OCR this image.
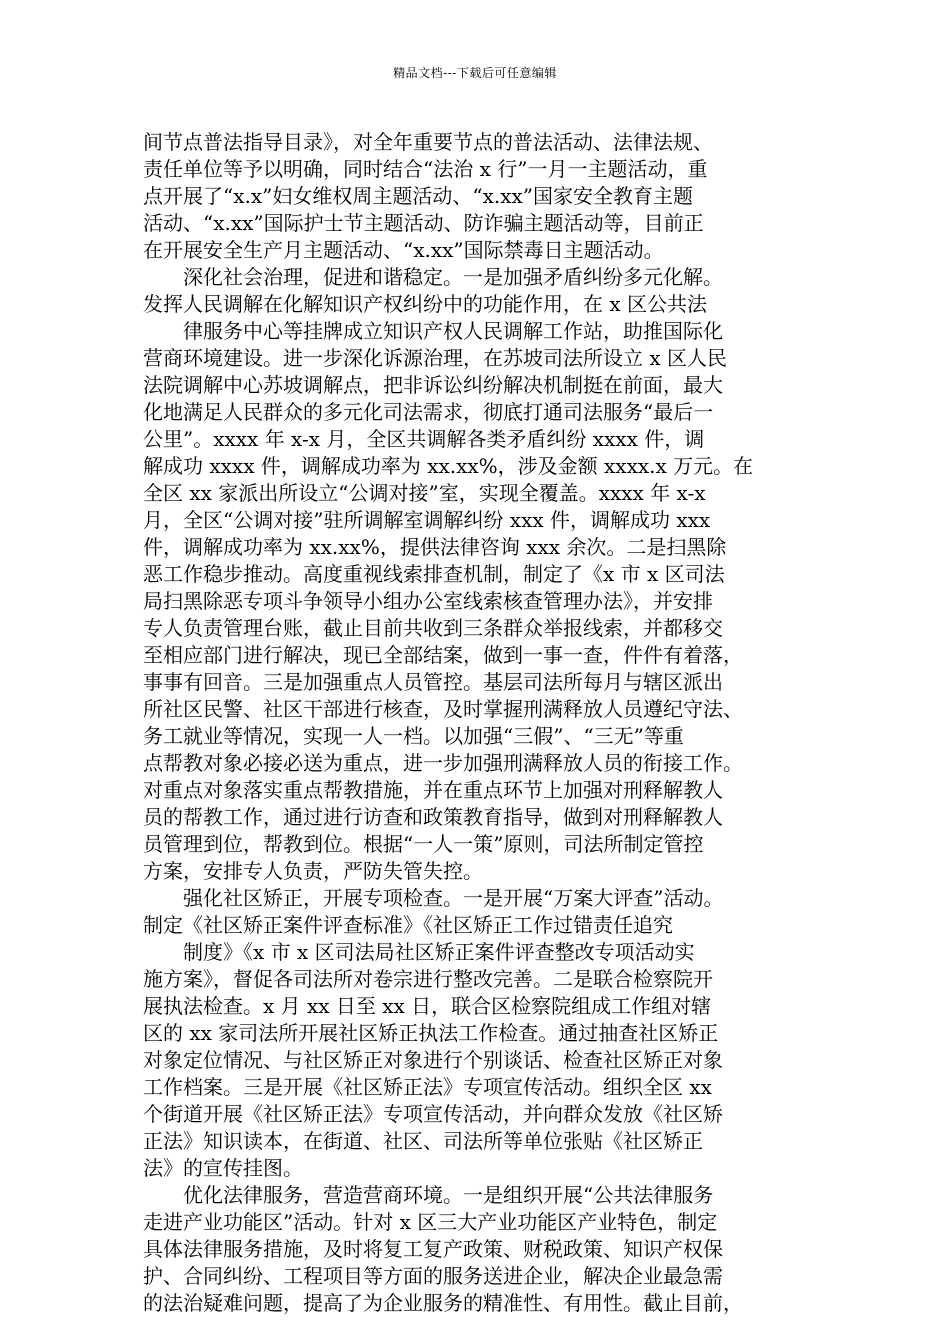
精品文档---下载后可任意编辑
间节点普法指导目录》，对全年重要节点的普法活动、法律法规、
责任单位等予以明确，同时结合“法治 x 行”一月一主题活动，重
点开展了“x.x”妇女维权周主题活动、“x.xx”国家安全教育主题
活动、“x.xx”国际护士节主题活动、防诈骗主题活动等，目前正
在开展安全生产月主题活动、“x.xx”国际禁毒日主题活动。
深化社会治理，促进和谐稳定。一是加强矛盾纠纷多元化解。
发挥人民调解在化解知识产权纠纷中的功能作用，在 x 区公共法
律服务中心等挂牌成立知识产权人民调解工作站，助推国际化
营商环境建设。进一步深化诉源治理，在苏坡司法所设立 x 区人民
法院调解中心苏坡调解点，把非诉讼纠纷解决机制挺在前面，最大
化地满足人民群众的多元化司法需求，彻底打通司法服务“最后一
公里”。xxxx 年 x-x 月，全区共调解各类矛盾纠纷 xxxx 件，调
解成功 xxxx 件，调解成功率为 xx.xx%，涉及金额 xxxx.x 万元。在
全区 xx 家派出所设立“公调对接”室，实现全覆盖。xxxx 年 x-x
月，全区“公调对接”驻所调解室调解纠纷 xxx 件，调解成功 xxx
件，调解成功率为 xx.xx%，提供法律咨询 xxx 余次。二是扫黑除
恶工作稳步推动。高度重视线索排查机制，制定了《x 市 x 区司法
局扫黑除恶专项斗争领导小组办公室线索核查管理办法》，并安排
专人负责管理台账，截止目前共收到三条群众举报线索，并都移交
至相应部门进行解决，现已全部结案，做到一事一查，件件有着落，
事事有回音。三是加强重点人员管控。基层司法所每月与辖区派出
所社区民警、社区干部进行核查，及时掌握刑满释放人员遵纪守法、
务工就业等情况，实现一人一档。以加强“三假”、“三无”等重
点帮教对象必接必送为重点，进一步加强刑满释放人员的衔接工作。
对重点对象落实重点帮教措施，并在重点环节上加强对刑释解教人
员的帮教工作，通过进行访查和政策教育指导，做到对刑释解教人
员管理到位，帮教到位。根据“一人一策”原则，司法所制定管控
方案，安排专人负责，严防失管失控。
强化社区矫正，开展专项检查。一是开展“万案大评查”活动。
制定《社区矫正案件评查标准》《社区矫正工作过错责任追究
制度》《x 市 x 区司法局社区矫正案件评查整改专项活动实
施方案》，督促各司法所对卷宗进行整改完善。二是联合检察院开
展执法检查。x 月 xx 日至 xx 日，联合区检察院组成工作组对辖
区的 xx 家司法所开展社区矫正执法工作检查。通过抽查社区矫正
对象定位情况、与社区矫正对象进行个别谈话、检查社区矫正对象
工作档案。三是开展《社区矫正法》专项宣传活动。组织全区 xx
个街道开展《社区矫正法》专项宣传活动，并向群众发放《社区矫
正法》知识读本，在街道、社区、司法所等单位张贴《社区矫正
法》的宣传挂图。
优化法律服务，营造营商环境。一是组织开展“公共法律服务
走进产业功能区”活动。针对 x 区三大产业功能区产业特色，制定
具体法律服务措施，及时将复工复产政策、财税政策、知识产权保
护、合同纠纷、工程项目等方面的服务送进企业，解决企业最急需
的法治疑难问题，提高了为企业服务的精准性、有用性。截止目前，
